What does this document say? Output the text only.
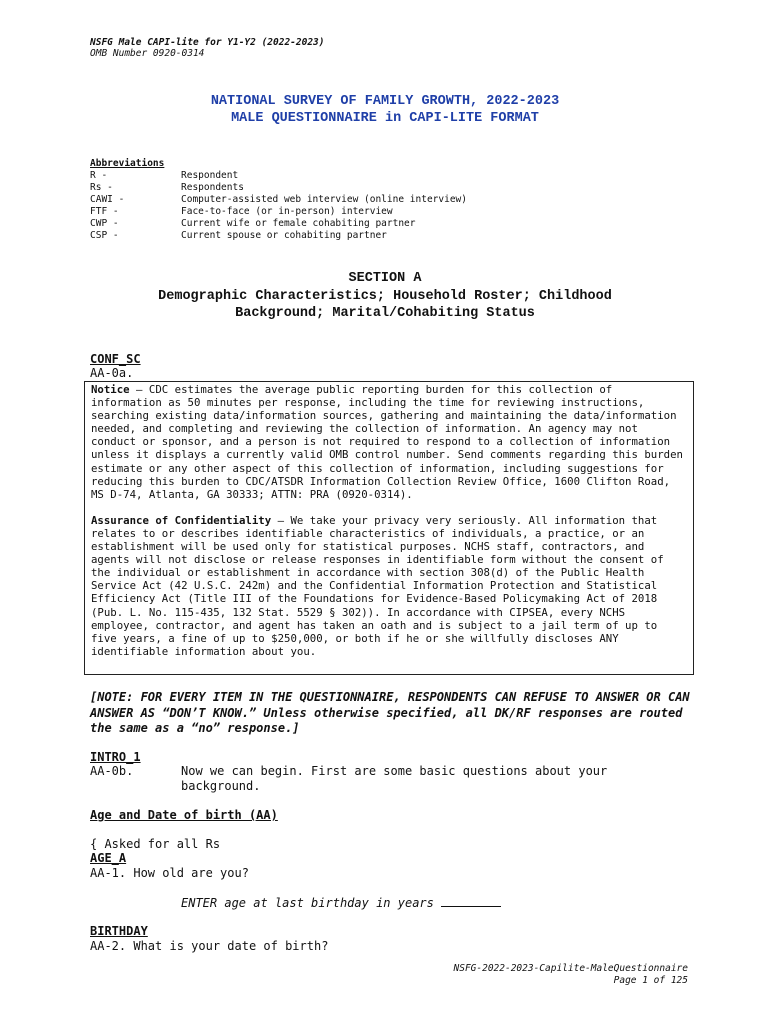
NSFG Male CAPI-lite for Y1-Y2 (2022-2023)
OMB Number 0920-0314
NATIONAL SURVEY OF FAMILY GROWTH, 2022-2023
MALE QUESTIONNAIRE in CAPI-LITE FORMAT
Abbreviations
R -	Respondent
Rs -	Respondents
CAWI -	Computer-assisted web interview (online interview)
FTF -	Face-to-face (or in-person) interview
CWP -	Current wife or female cohabiting partner
CSP -	Current spouse or cohabiting partner
SECTION A
Demographic Characteristics; Household Roster; Childhood
Background; Marital/Cohabiting Status
CONF_SC
AA-0a.

Notice – CDC estimates the average public reporting burden for this collection of information as 50 minutes per response, including the time for reviewing instructions, searching existing data/information sources, gathering and maintaining the data/information needed, and completing and reviewing the collection of information. An agency may not conduct or sponsor, and a person is not required to respond to a collection of information unless it displays a currently valid OMB control number. Send comments regarding this burden estimate or any other aspect of this collection of information, including suggestions for reducing this burden to CDC/ATSDR Information Collection Review Office, 1600 Clifton Road, MS D-74, Atlanta, GA 30333; ATTN: PRA (0920-0314).

Assurance of Confidentiality – We take your privacy very seriously. All information that relates to or describes identifiable characteristics of individuals, a practice, or an establishment will be used only for statistical purposes. NCHS staff, contractors, and agents will not disclose or release responses in identifiable form without the consent of the individual or establishment in accordance with section 308(d) of the Public Health Service Act (42 U.S.C. 242m) and the Confidential Information Protection and Statistical Efficiency Act (Title III of the Foundations for Evidence-Based Policymaking Act of 2018 (Pub. L. No. 115-435, 132 Stat. 5529 § 302)). In accordance with CIPSEA, every NCHS employee, contractor, and agent has taken an oath and is subject to a jail term of up to five years, a fine of up to $250,000, or both if he or she willfully discloses ANY identifiable information about you.

[NOTE: FOR EVERY ITEM IN THE QUESTIONNAIRE, RESPONDENTS CAN REFUSE TO ANSWER OR CAN ANSWER AS “DON’T KNOW.” Unless otherwise specified, all DK/RF responses are routed the same as a “no” response.]
INTRO_1
AA-0b.	Now we can begin. First are some basic questions about your
background.
Age and Date of birth (AA)
{ Asked for all Rs
AGE_A
AA-1. How old are you?
ENTER age at last birthday in years
BIRTHDAY
AA-2. What is your date of birth?
NSFG-2022-2023-Capilite-MaleQuestionnaire
Page 1 of 125
